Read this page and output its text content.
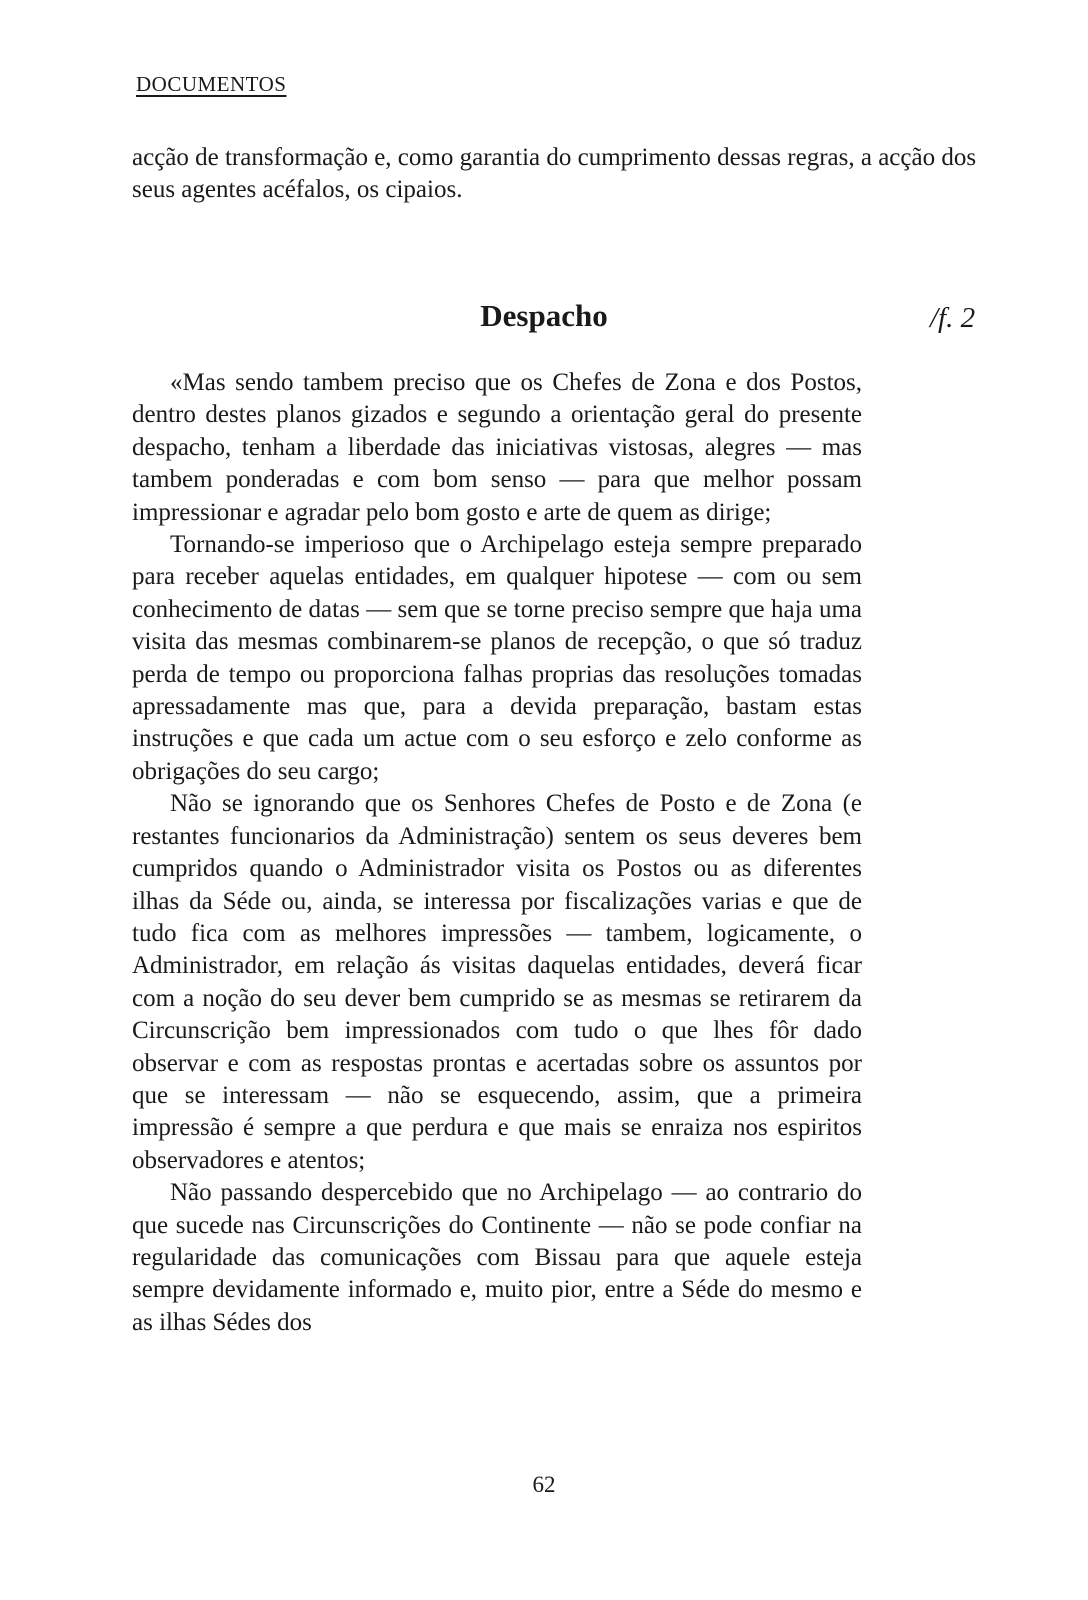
DOCUMENTOS

acção de transformação e, como garantia do cumprimento dessas regras, a acção dos seus agentes acéfalos, os cipaios.

Despacho	/f. 2

«Mas sendo tambem preciso que os Chefes de Zona e dos Postos, dentro destes planos gizados e segundo a orientação geral do presente despacho, tenham a liberdade das iniciativas vistosas, alegres — mas tambem ponderadas e com bom senso — para que melhor possam impressionar e agradar pelo bom gosto e arte de quem as dirige;

Tornando-se imperioso que o Archipelago esteja sempre preparado para receber aquelas entidades, em qualquer hipotese — com ou sem conhecimento de datas — sem que se torne preciso sempre que haja uma visita das mesmas combinarem-se planos de recepção, o que só traduz perda de tempo ou proporciona falhas proprias das resoluções tomadas apressadamente mas que, para a devida preparação, bastam estas instruções e que cada um actue com o seu esforço e zelo conforme as obrigações do seu cargo;

Não se ignorando que os Senhores Chefes de Posto e de Zona (e restantes funcionarios da Administração) sentem os seus deveres bem cumpridos quando o Administrador visita os Postos ou as diferentes ilhas da Séde ou, ainda, se interessa por fiscalizações varias e que de tudo fica com as melhores impressões — tambem, logicamente, o Administrador, em relação ás visitas daquelas entidades, deverá ficar com a noção do seu dever bem cumprido se as mesmas se retirarem da Circunscrição bem impressionados com tudo o que lhes fôr dado observar e com as respostas prontas e acertadas sobre os assuntos por que se interessam — não se esquecendo, assim, que a primeira impressão é sempre a que perdura e que mais se enraiza nos espiritos observadores e atentos;

Não passando despercebido que no Archipelago — ao contrario do que sucede nas Circunscrições do Continente — não se pode confiar na regularidade das comunicações com Bissau para que aquele esteja sempre devidamente informado e, muito pior, entre a Séde do mesmo e as ilhas Sédes dos

62
